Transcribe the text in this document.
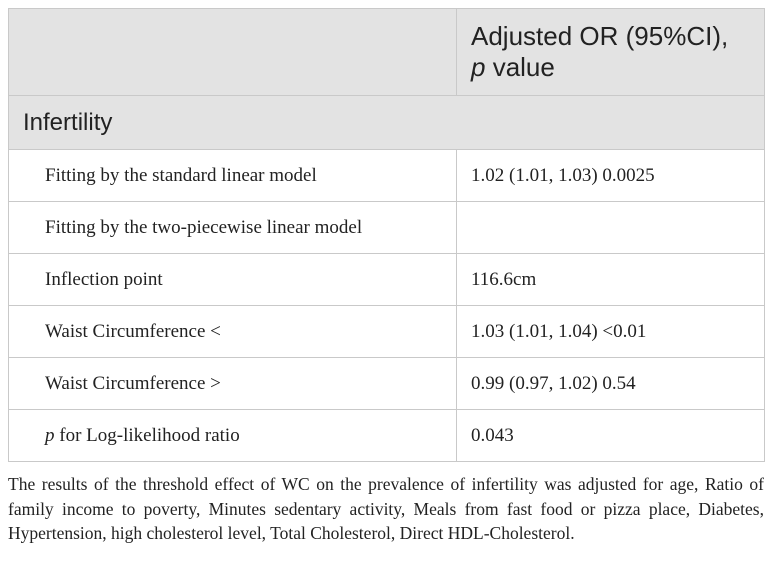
	Adjusted OR (95%CI),
p value

Infertility	
Fitting by the standard linear model	1.02 (1.01, 1.03) 0.0025
Fitting by the two-piecewise linear model	
Inflection point	116.6cm
Waist Circumference <	1.03 (1.01, 1.04) <0.01
Waist Circumference >	0.99 (0.97, 1.02) 0.54
p for Log-likelihood ratio	0.043

The results of the threshold effect of WC on the prevalence of infertility was adjusted for age, Ratio of family income to poverty, Minutes sedentary activity, Meals from fast food or pizza place, Diabetes, Hypertension, high cholesterol level, Total Cholesterol, Direct HDL-Cholesterol.
